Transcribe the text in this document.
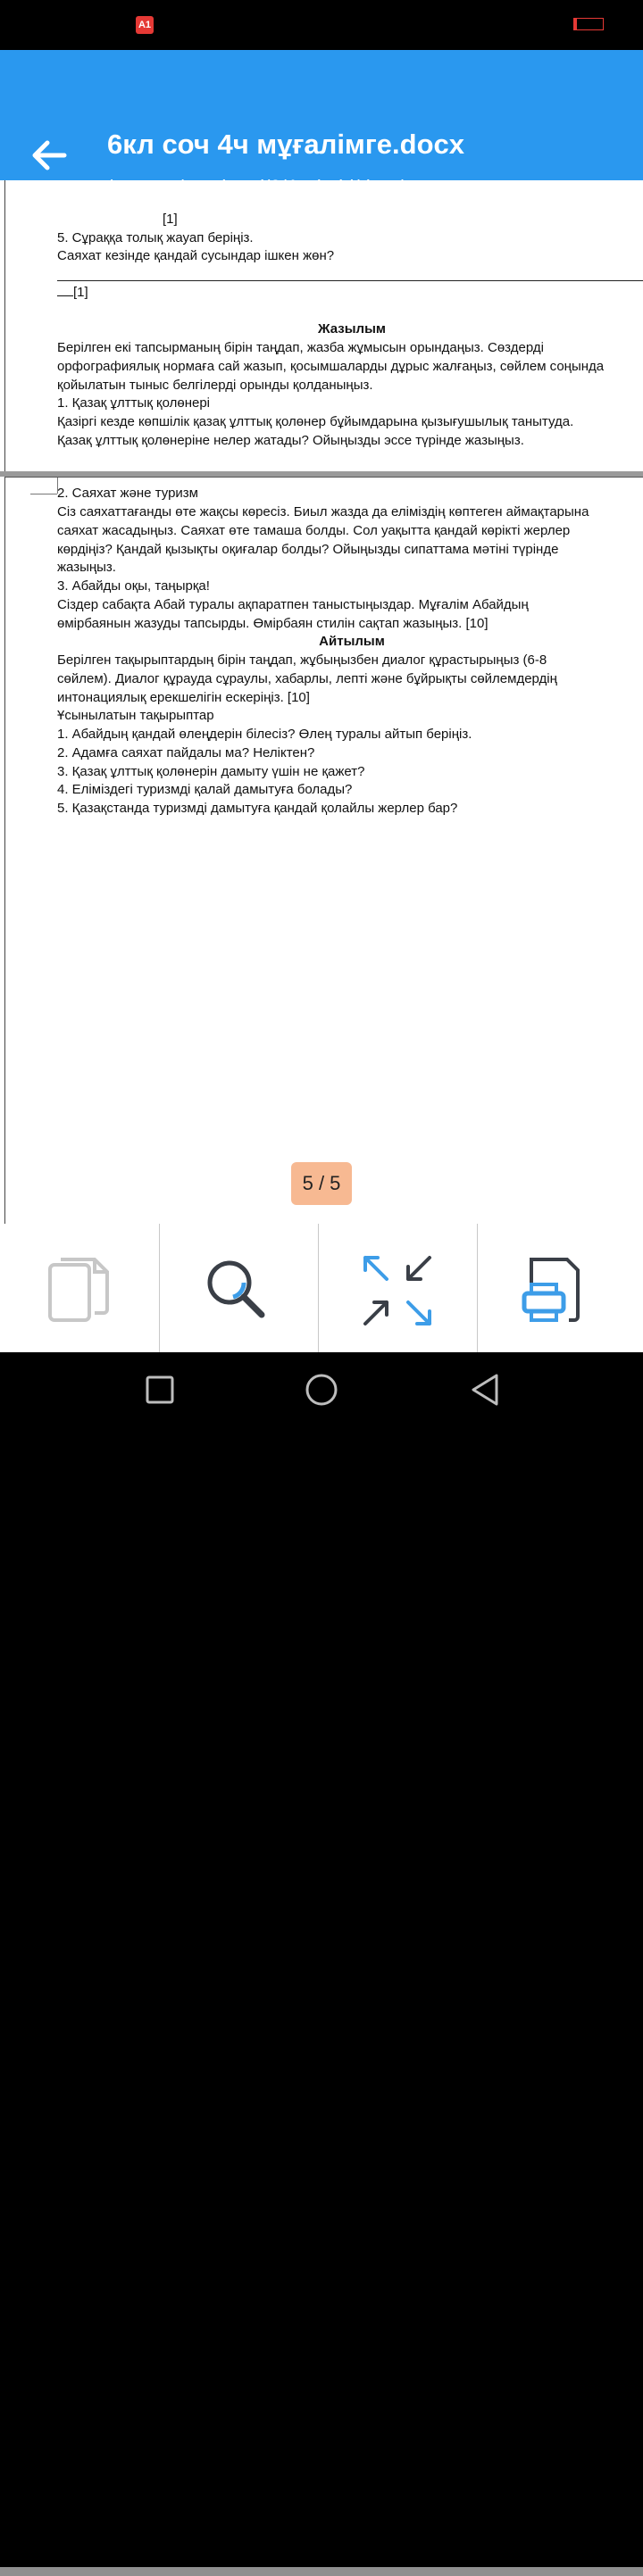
A1
6кл соч 4ч мұғалімге.docx
[1]
5. Сұраққа толық жауап беріңіз.
Саяхат кезінде қандай сусындар ішкен жөн?
[1]
Жазылым
Берілген екі тапсырманың бірін таңдап, жазба жұмысын орындаңыз. Сөздерді
орфографиялық нормаға сай жазып, қосымшаларды дұрыс жалғаңыз, сөйлем соңында
қойылатын тыныс белгілерді орынды қолданыңыз.
1. Қазақ ұлттық қолөнері
Қазіргі кезде көпшілік қазақ ұлттық қолөнер бұйымдарына қызығушылық танытуда.
Қазақ ұлттық қолөнеріне нелер жатады? Ойыңызды эссе түрінде жазыңыз.
2. Саяхат және туризм
Сіз саяхаттағанды өте жақсы көресіз. Биыл жазда да еліміздің көптеген аймақтарына
саяхат жасадыңыз. Саяхат өте тамаша болды. Сол уақытта қандай көрікті жерлер
көрдіңіз? Қандай қызықты оқиғалар болды? Ойыңызды сипаттама мәтіні түрінде
жазыңыз.
3. Абайды оқы, таңырқа!
Сіздер сабақта Абай туралы ақпаратпен таныстыңыздар. Мұғалім Абайдың
өмірбаянын жазуды тапсырды. Өмірбаян стилін сақтап жазыңыз. [10]
Айтылым
Берілген тақырыптардың бірін таңдап, жұбыңызбен диалог құрастырыңыз (6-8
сөйлем). Диалог құрауда сұраулы, хабарлы, лепті және бұйрықты сөйлемдердің
интонациялық ерекшелігін ескеріңіз. [10]
Ұсынылатын тақырыптар
1. Абайдың қандай өлеңдерін білесіз? Өлең туралы айтып беріңіз.
2. Адамға саяхат пайдалы ма? Неліктен?
3. Қазақ ұлттық қолөнерін дамыту үшін не қажет?
4. Еліміздегі туризмді қалай дамытуға болады?
5. Қазақстанда туризмді дамытуға қандай қолайлы жерлер бар?
5 / 5
